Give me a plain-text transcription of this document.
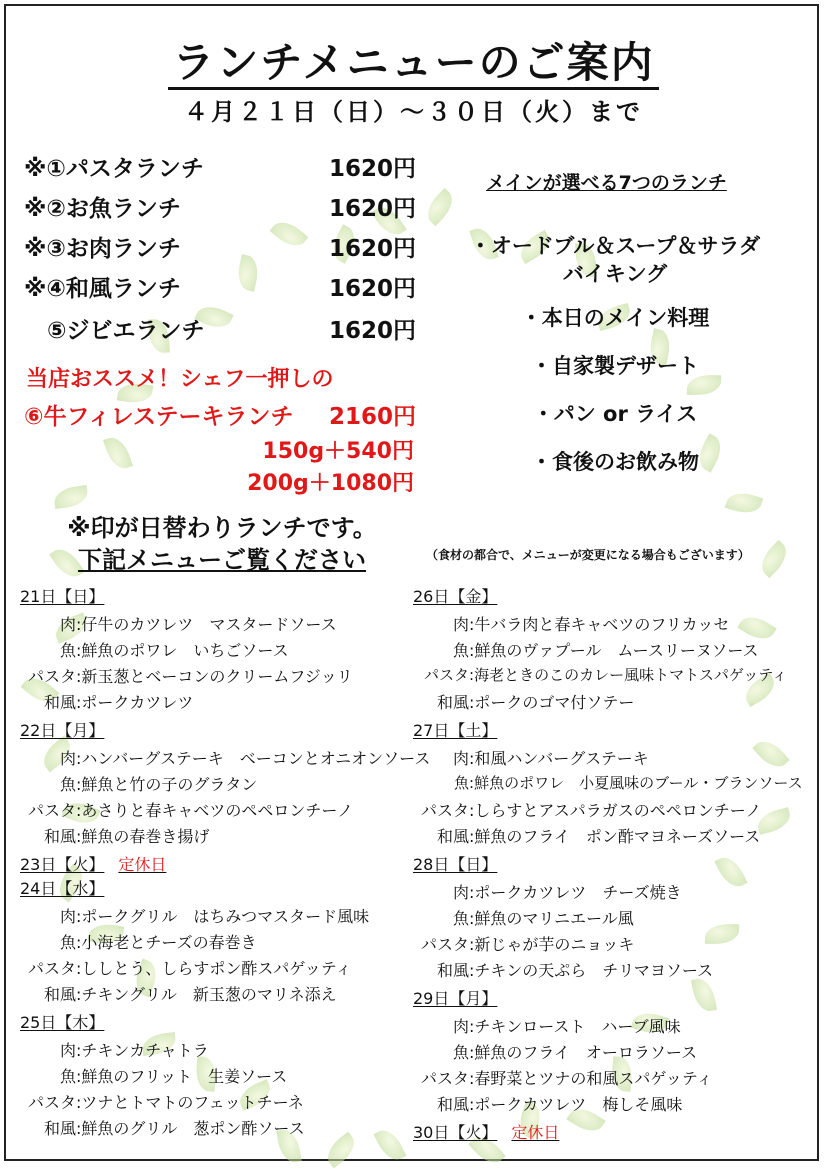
ランチメニューのご案内
４月２１日（日）～３０日（火）まで
※①パスタランチ	1620円
※②お魚ランチ	1620円
※③お肉ランチ	1620円
※④和風ランチ	1620円
　⑤ジビエランチ	1620円
当店おススメ！シェフ一押しの
⑥牛フィレステーキランチ 2160円
150g＋540円
200g＋1080円
メインが選べる7つのランチ
・オードブル＆スープ＆サラダ
バイキング
・本日のメイン料理
・自家製デザート
・パン or ライス
・食後のお飲み物
※印が日替わりランチです。
下記メニューご覧ください	（食材の都合で、メニューが変更になる場合もございます）
21日【日】
肉:仔牛のカツレツ　マスタードソース
魚:鮮魚のポワレ　いちごソース
パスタ:新玉葱とベーコンのクリームフジッリ
和風:ポークカツレツ
22日【月】
肉:ハンバーグステーキ　ベーコンとオニオンソース
魚:鮮魚と竹の子のグラタン
パスタ:あさりと春キャベツのペペロンチーノ
和風:鮮魚の春巻き揚げ
23日【火】 定休日
24日【水】
肉:ポークグリル　はちみつマスタード風味
魚:小海老とチーズの春巻き
パスタ:ししとう、しらすポン酢スパゲッティ
和風:チキングリル　新玉葱のマリネ添え
25日【木】
肉:チキンカチャトラ
魚:鮮魚のフリット　生姜ソース
パスタ:ツナとトマトのフェットチーネ
和風:鮮魚のグリル　葱ポン酢ソース
26日【金】
肉:牛バラ肉と春キャベツのフリカッセ
魚:鮮魚のヴァプール　ムースリーヌソース
パスタ:海老ときのこのカレー風味トマトスパゲッティ
和風:ポークのゴマ付ソテー
27日【土】
肉:和風ハンバーグステーキ
魚:鮮魚のポワレ　小夏風味のブール・ブランソース
パスタ:しらすとアスパラガスのペペロンチーノ
和風:鮮魚のフライ　ポン酢マヨネーズソース
28日【日】
肉:ポークカツレツ　チーズ焼き
魚:鮮魚のマリニエール風
パスタ:新じゃが芋のニョッキ
和風:チキンの天ぷら　チリマヨソース
29日【月】
肉:チキンロースト　ハーブ風味
魚:鮮魚のフライ　オーロラソース
パスタ:春野菜とツナの和風スパゲッティ
和風:ポークカツレツ　梅しそ風味
30日【火】 定休日
